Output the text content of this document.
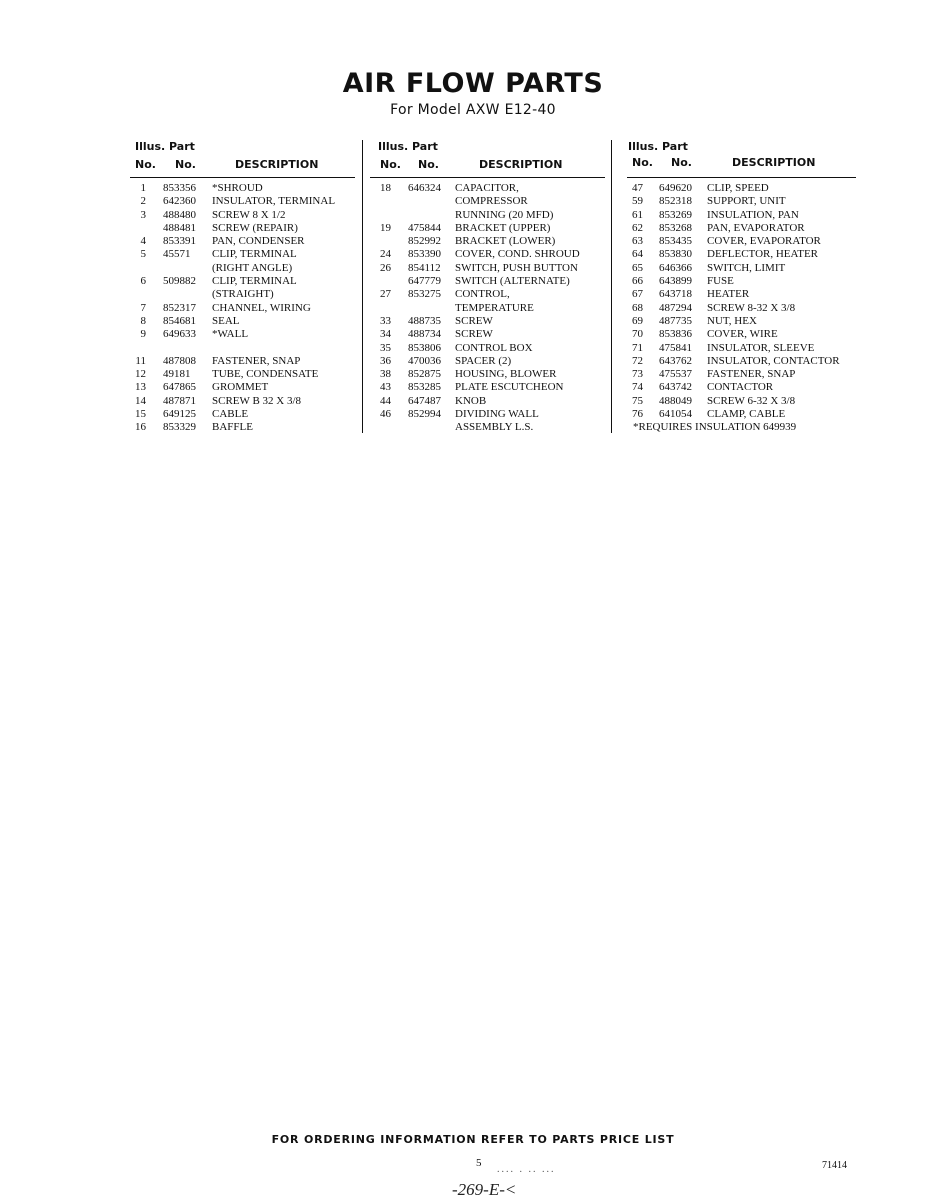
AIR FLOW PARTS
For Model AXW E12-40
Illus. Part
No. No.	DESCRIPTION
1 853356 *SHROUD
2 642360 INSULATOR, TERMINAL
3 488480 SCREW 8 X 1/2
488481 SCREW (REPAIR)
4 853391 PAN, CONDENSER
5 45571 CLIP, TERMINAL
(RIGHT ANGLE)
6 509882 CLIP, TERMINAL
(STRAIGHT)
7 852317 CHANNEL, WIRING
8 854681 SEAL
9 649633 *WALL
11 487808 FASTENER, SNAP
12 49181 TUBE, CONDENSATE
13 647865 GROMMET
14 487871 SCREW B 32 X 3/8
15 649125 CABLE
16 853329 BAFFLE
Illus. Part
No. No.	DESCRIPTION
18 646324 CAPACITOR,
COMPRESSOR
RUNNING (20 MFD)
19 475844 BRACKET (UPPER)
852992 BRACKET (LOWER)
24 853390 COVER, COND. SHROUD
26 854112 SWITCH, PUSH BUTTON
647779 SWITCH (ALTERNATE)
27 853275 CONTROL,
TEMPERATURE
33 488735 SCREW
34 488734 SCREW
35 853806 CONTROL BOX
36 470036 SPACER (2)
38 852875 HOUSING, BLOWER
43 853285 PLATE ESCUTCHEON
44 647487 KNOB
46 852994 DIVIDING WALL
ASSEMBLY L.S.
Illus. Part
No. No.	DESCRIPTION
47 649620 CLIP, SPEED
59 852318 SUPPORT, UNIT
61 853269 INSULATION, PAN
62 853268 PAN, EVAPORATOR
63 853435 COVER, EVAPORATOR
64 853830 DEFLECTOR, HEATER
65 646366 SWITCH, LIMIT
66 643899 FUSE
67 643718 HEATER
68 487294 SCREW 8-32 X 3/8
69 487735 NUT, HEX
70 853836 COVER, WIRE
71 475841 INSULATOR, SLEEVE
72 643762 INSULATOR, CONTACTOR
73 475537 FASTENER, SNAP
74 643742 CONTACTOR
75 488049 SCREW 6-32 X 3/8
76 641054 CLAMP, CABLE
*REQUIRES INSULATION 649939
FOR ORDERING INFORMATION REFER TO PARTS PRICE LIST
5
.... . .. ...	71414
-269-E-<
